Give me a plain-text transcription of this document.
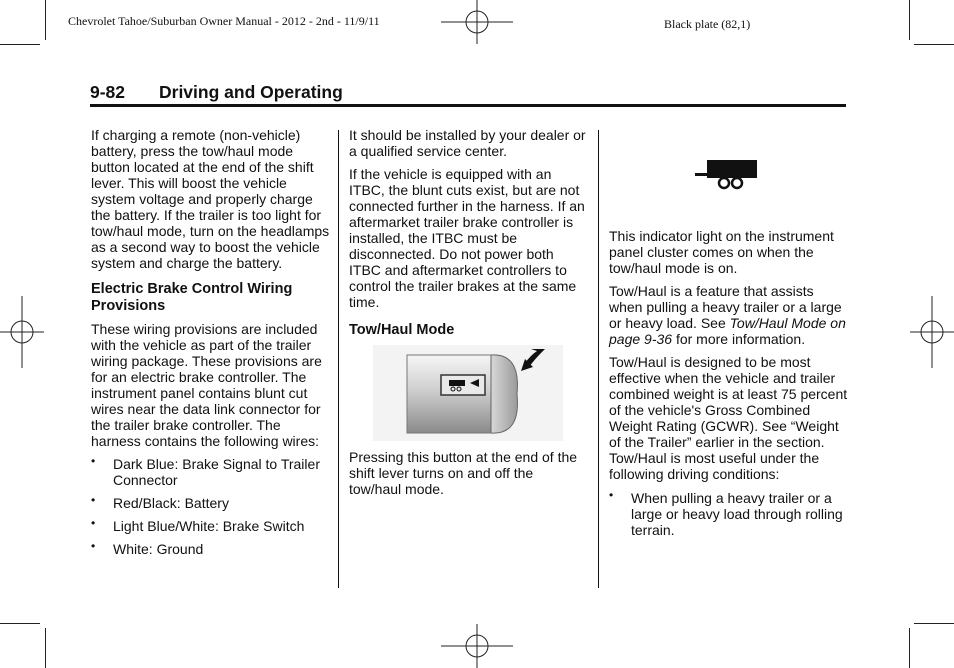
Chevrolet Tahoe/Suburban Owner Manual - 2012 - 2nd - 11/9/11	Black plate (82,1)
9-82 Driving and Operating

If charging a remote (non-vehicle) battery, press the tow/haul mode button located at the end of the shift lever. This will boost the vehicle system voltage and properly charge the battery. If the trailer is too light for tow/haul mode, turn on the headlamps as a second way to boost the vehicle system and charge the battery.

Electric Brake Control Wiring Provisions

These wiring provisions are included with the vehicle as part of the trailer wiring package. These provisions are for an electric brake controller. The instrument panel contains blunt cut wires near the data link connector for the trailer brake controller. The harness contains the following wires:

• Dark Blue: Brake Signal to Trailer Connector
• Red/Black: Battery
• Light Blue/White: Brake Switch
• White: Ground

It should be installed by your dealer or a qualified service center.

If the vehicle is equipped with an ITBC, the blunt cuts exist, but are not connected further in the harness. If an aftermarket trailer brake controller is installed, the ITBC must be disconnected. Do not power both ITBC and aftermarket controllers to control the trailer brakes at the same time.

Tow/Haul Mode

Pressing this button at the end of the shift lever turns on and off the tow/haul mode.

This indicator light on the instrument panel cluster comes on when the tow/haul mode is on.

Tow/Haul is a feature that assists when pulling a heavy trailer or a large or heavy load. See Tow/Haul Mode on page 9-36 for more information.

Tow/Haul is designed to be most effective when the vehicle and trailer combined weight is at least 75 percent of the vehicle's Gross Combined Weight Rating (GCWR). See “Weight of the Trailer” earlier in the section. Tow/Haul is most useful under the following driving conditions:

• When pulling a heavy trailer or a large or heavy load through rolling terrain.
